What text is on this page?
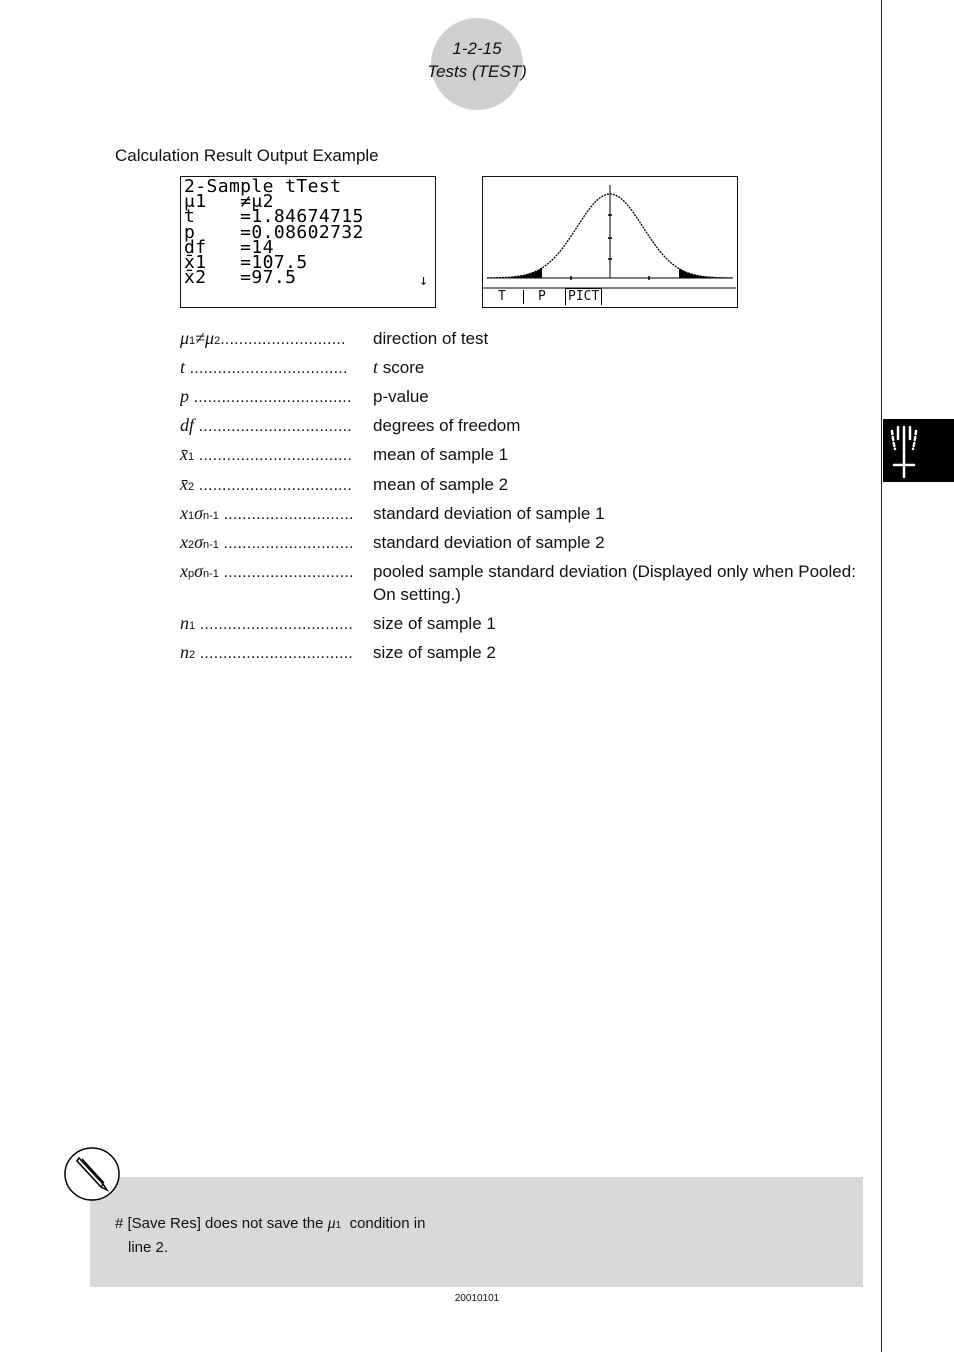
1-2-15
Tests (TEST)
Calculation Result Output Example
2-Sample tTest
μ1   ≠μ2
t    =1.84674715
p    =0.08602732
df   =14
x̄1   =107.5
x̄2   =97.5	↓
T P PICT
μ1≠μ2...........................	direction of test
t ..................................	t score
p ..................................	p-value
df .................................	degrees of freedom
x̄1 .................................	mean of sample 1
x̄2 .................................	mean of sample 2
x1σn-1 ............................	standard deviation of sample 1
x2σn-1 ............................	standard deviation of sample 2
xpσn-1 ............................	pooled sample standard deviation (Displayed only when Pooled: On setting.)
n1 .................................	size of sample 1
n2 .................................	size of sample 2
# [Save Res] does not save the μ1  condition in
line 2.
20010101
